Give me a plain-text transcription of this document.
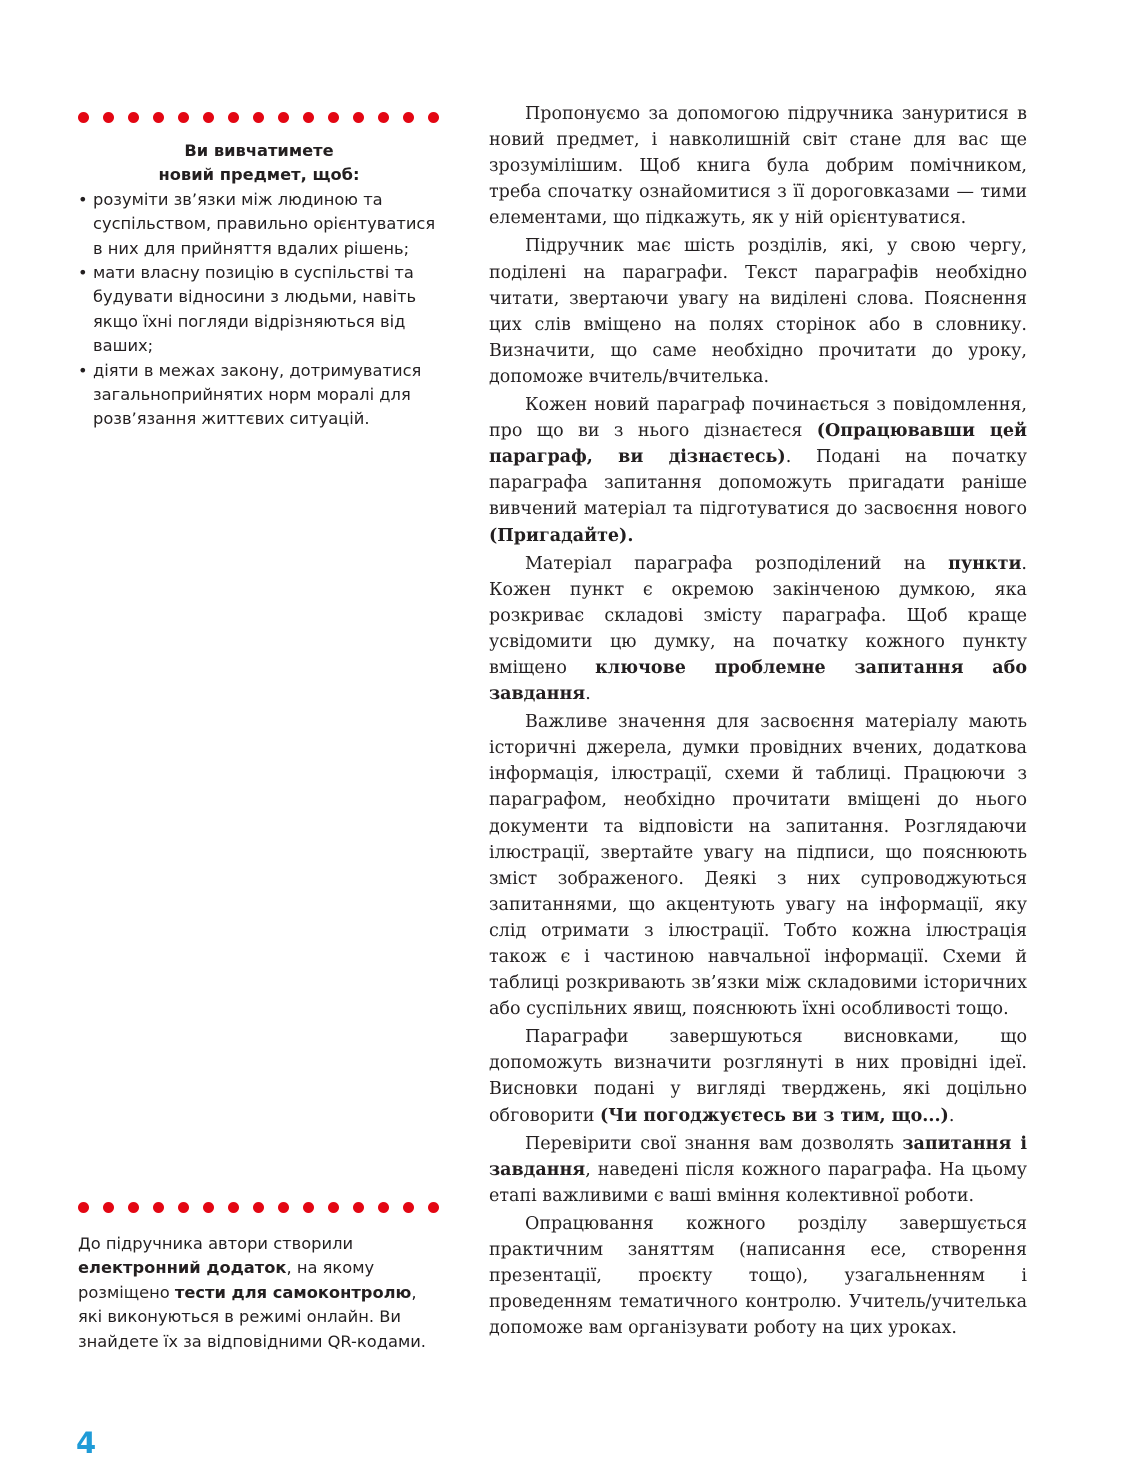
Ви вивчатимете
новий предмет, щоб:

• розуміти зв’язки між людиною та суспільством, правильно орієнтуватися в них для прийняття вдалих рішень;
• мати власну позицію в суспільстві та будувати відносини з людьми, навіть якщо їхні погляди відрізняються від ваших;
• діяти в межах закону, дотримуватися загальноприйнятих норм моралі для розв’язання життєвих ситуацій.

До підручника автори створили електронний додаток, на якому розміщено тести для самоконтролю, які виконуються в режимі онлайн. Ви знайдете їх за відповідними QR-кодами.

Пропонуємо за допомогою підручника зануритися в новий предмет, і навколишній світ стане для вас ще зрозумілішим. Щоб книга була добрим помічником, треба спочатку ознайомитися з її дороговказами — тими елементами, що підкажуть, як у ній орієнтуватися.

Підручник має шість розділів, які, у свою чергу, поділені на параграфи. Текст параграфів необхідно читати, звертаючи увагу на виділені слова. Пояснення цих слів вміщено на полях сторінок або в словнику. Визначити, що саме необхідно прочитати до уроку, допоможе вчитель/вчителька.

Кожен новий параграф починається з повідомлення, про що ви з нього дізнаєтеся (Опрацювавши цей параграф, ви дізнаєтесь). Подані на початку параграфа запитання допоможуть пригадати раніше вивчений матеріал та підготуватися до засвоєння нового (Пригадайте).

Матеріал параграфа розподілений на пункти. Кожен пункт є окремою закінченою думкою, яка розкриває складові змісту параграфа. Щоб краще усвідомити цю думку, на початку кожного пункту вміщено ключове проблемне запитання або завдання.

Важливе значення для засвоєння матеріалу мають історичні джерела, думки провідних вчених, додаткова інформація, ілюстрації, схеми й таблиці. Працюючи з параграфом, необхідно прочитати вміщені до нього документи та відповісти на запитання. Розглядаючи ілюстрації, звертайте увагу на підписи, що пояснюють зміст зображеного. Деякі з них супроводжуються запитаннями, що акцентують увагу на інформації, яку слід отримати з ілюстрації. Тобто кожна ілюстрація також є і частиною навчальної інформації. Схеми й таблиці розкривають зв’язки між складовими історичних або суспільних явищ, пояснюють їхні особливості тощо.

Параграфи завершуються висновками, що допоможуть визначити розглянуті в них провідні ідеї. Висновки подані у вигляді тверджень, які доцільно обговорити (Чи погоджуєтесь ви з тим, що...).

Перевірити свої знання вам дозволять запитання і завдання, наведені після кожного параграфа. На цьому етапі важливими є ваші вміння колективної роботи.

Опрацювання кожного розділу завершується практичним заняттям (написання есе, створення презентації, проєкту тощо), узагальненням і проведенням тематичного контролю. Учитель/учителька допоможе вам організувати роботу на цих уроках.

4
